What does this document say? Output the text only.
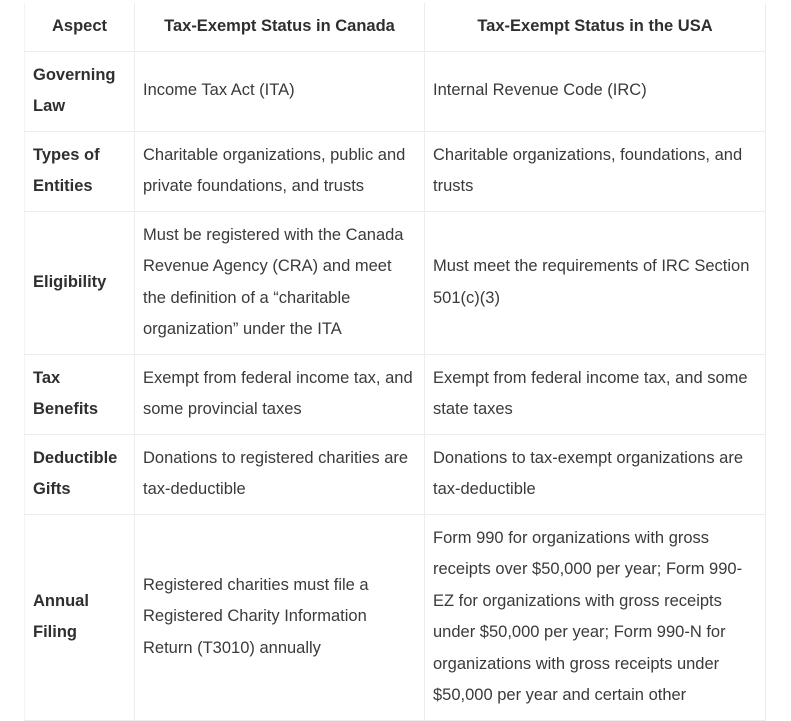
Aspect	Tax-Exempt Status in Canada	Tax-Exempt Status in the USA
Governing Law	Income Tax Act (ITA)	Internal Revenue Code (IRC)
Types of Entities	Charitable organizations, public and private foundations, and trusts	Charitable organizations, foundations, and trusts
Eligibility	Must be registered with the Canada Revenue Agency (CRA) and meet the definition of a “charitable organization” under the ITA	Must meet the requirements of IRC Section 501(c)(3)
Tax Benefits	Exempt from federal income tax, and some provincial taxes	Exempt from federal income tax, and some state taxes
Deductible Gifts	Donations to registered charities are tax-deductible	Donations to tax-exempt organizations are tax-deductible
Annual Filing	Registered charities must file a Registered Charity Information Return (T3010) annually	Form 990 for organizations with gross receipts over $50,000 per year; Form 990-EZ for organizations with gross receipts under $50,000 per year; Form 990-N for organizations with gross receipts under $50,000 per year and certain other
